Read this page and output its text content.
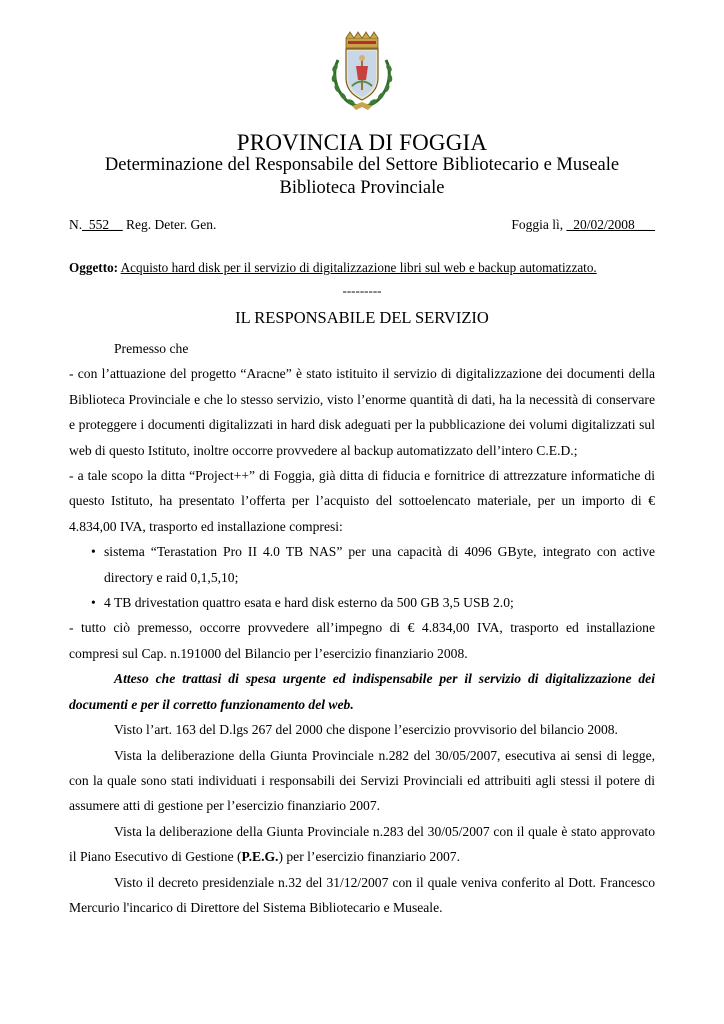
PROVINCIA DI FOGGIA
Determinazione del Responsabile del Settore Bibliotecario e Museale
Biblioteca Provinciale
N._552__ Reg. Deter. Gen.	Foggia lì, _20/02/2008___
Oggetto: Acquisto hard disk per il servizio di digitalizzazione libri sul web e backup automatizzato.
---------
IL RESPONSABILE DEL SERVIZIO

Premesso che

- con l’attuazione del progetto “Aracne” è stato istituito il servizio di digitalizzazione dei documenti della Biblioteca Provinciale e che lo stesso servizio, visto l’enorme quantità di dati, ha la necessità di conservare e proteggere i documenti digitalizzati in hard disk adeguati per la pubblicazione dei volumi digitalizzati sul web di questo Istituto, inoltre occorre provvedere al backup automatizzato dell’intero C.E.D.;

- a tale scopo la ditta “Project++” di Foggia, già ditta di fiducia e fornitrice di attrezzature informatiche di questo Istituto, ha presentato l’offerta per l’acquisto del sottoelencato materiale, per un importo di € 4.834,00 IVA, trasporto ed installazione compresi:

• sistema “Terastation Pro II 4.0 TB NAS” per una capacità di 4096 GByte, integrato con active directory e raid 0,1,5,10;
• 4 TB drivestation quattro esata e hard disk esterno da 500 GB 3,5 USB 2.0;

- tutto ciò premesso, occorre provvedere all’impegno di € 4.834,00 IVA, trasporto ed installazione compresi sul Cap. n.191000 del Bilancio per l’esercizio finanziario 2008.

Atteso che trattasi di spesa urgente ed indispensabile per il servizio di digitalizzazione dei documenti e per il corretto funzionamento del web.

Visto l’art. 163 del D.lgs 267 del 2000 che dispone l’esercizio provvisorio del bilancio 2008.

Vista la deliberazione della Giunta Provinciale n.282 del 30/05/2007, esecutiva ai sensi di legge, con la quale sono stati individuati i responsabili dei Servizi Provinciali ed attribuiti agli stessi il potere di assumere atti di gestione per l’esercizio finanziario 2007.

Vista la deliberazione della Giunta Provinciale n.283 del 30/05/2007 con il quale è stato approvato il Piano Esecutivo di Gestione (P.E.G.) per l’esercizio finanziario 2007.

Visto il decreto presidenziale n.32 del 31/12/2007 con il quale veniva conferito al Dott. Francesco Mercurio l'incarico di Direttore del Sistema Bibliotecario e Museale.
